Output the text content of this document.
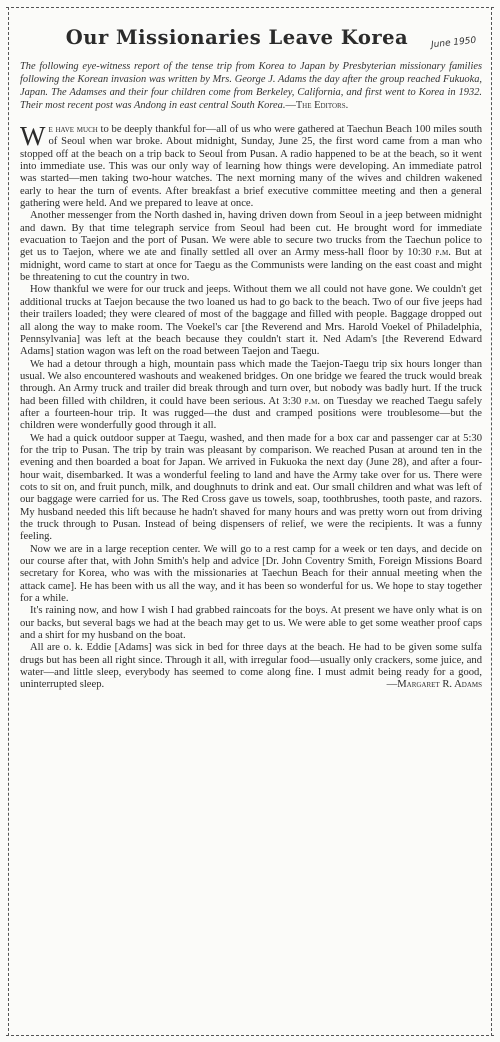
Our Missionaries Leave Korea June 1950

The following eye-witness report of the tense trip from Korea to Japan by Presbyterian missionary families following the Korean invasion was written by Mrs. George J. Adams the day after the group reached Fukuoka, Japan. The Adamses and their four children come from Berkeley, California, and first went to Korea in 1932. Their most recent post was Andong in east central South Korea.—The Editors.

We have much to be deeply thankful for—all of us who were gathered at Taechun Beach 100 miles south of Seoul when war broke. About midnight, Sunday, June 25, the first word came from a man who stopped off at the beach on a trip back to Seoul from Pusan. A radio happened to be at the beach, so it went into immediate use. This was our only way of learning how things were developing. An immediate patrol was started—men taking two-hour watches. The next morning many of the wives and children wakened early to hear the turn of events. After breakfast a brief executive committee meeting and then a general gathering were held. And we prepared to leave at once.

Another messenger from the North dashed in, having driven down from Seoul in a jeep between midnight and dawn. By that time telegraph service from Seoul had been cut. He brought word for immediate evacuation to Taejon and the port of Pusan. We were able to secure two trucks from the Taechun police to get us to Taejon, where we ate and finally settled all over an Army mess-hall floor by 10:30 p.m. But at midnight, word came to start at once for Taegu as the Communists were landing on the east coast and might be threatening to cut the country in two.

How thankful we were for our truck and jeeps. Without them we all could not have gone. We couldn't get additional trucks at Taejon because the two loaned us had to go back to the beach. Two of our five jeeps had their trailers loaded; they were cleared of most of the baggage and filled with people. Baggage dropped out all along the way to make room. The Voekel's car [the Reverend and Mrs. Harold Voekel of Philadelphia, Pennsylvania] was left at the beach because they couldn't start it. Ned Adam's [the Reverend Edward Adams] station wagon was left on the road between Taejon and Taegu.

We had a detour through a high, mountain pass which made the Taejon-Taegu trip six hours longer than usual. We also encountered washouts and weakened bridges. On one bridge we feared the truck would break through. An Army truck and trailer did break through and turn over, but nobody was badly hurt. If the truck had been filled with children, it could have been serious. At 3:30 p.m. on Tuesday we reached Taegu safely after a fourteen-hour trip. It was rugged—the dust and cramped positions were troublesome—but the children were wonderfully good through it all.

We had a quick outdoor supper at Taegu, washed, and then made for a box car and passenger car at 5:30 for the trip to Pusan. The trip by train was pleasant by comparison. We reached Pusan at around ten in the evening and then boarded a boat for Japan. We arrived in Fukuoka the next day (June 28), and after a four-hour wait, disembarked. It was a wonderful feeling to land and have the Army take over for us. There were cots to sit on, and fruit punch, milk, and doughnuts to drink and eat. Our small children and what was left of our baggage were carried for us. The Red Cross gave us towels, soap, toothbrushes, tooth paste, and razors. My husband needed this lift because he hadn't shaved for many hours and was pretty worn out from driving the truck through to Pusan. Instead of being dispensers of relief, we were the recipients. It was a funny feeling.

Now we are in a large reception center. We will go to a rest camp for a week or ten days, and decide on our course after that, with John Smith's help and advice [Dr. John Coventry Smith, Foreign Missions Board secretary for Korea, who was with the missionaries at Taechun Beach for their annual meeting when the attack came]. He has been with us all the way, and it has been so wonderful for us. We hope to stay together for a while.

It's raining now, and how I wish I had grabbed raincoats for the boys. At present we have only what is on our backs, but several bags we had at the beach may get to us. We were able to get some weather proof caps and a shirt for my husband on the boat.

All are o. k. Eddie [Adams] was sick in bed for three days at the beach. He had to be given some sulfa drugs but has been all right since. Through it all, with irregular food—usually only crackers, some juice, and water—and little sleep, everybody has seemed to come along fine. I must admit being ready for a good, uninterrupted sleep.	—Margaret R. Adams
